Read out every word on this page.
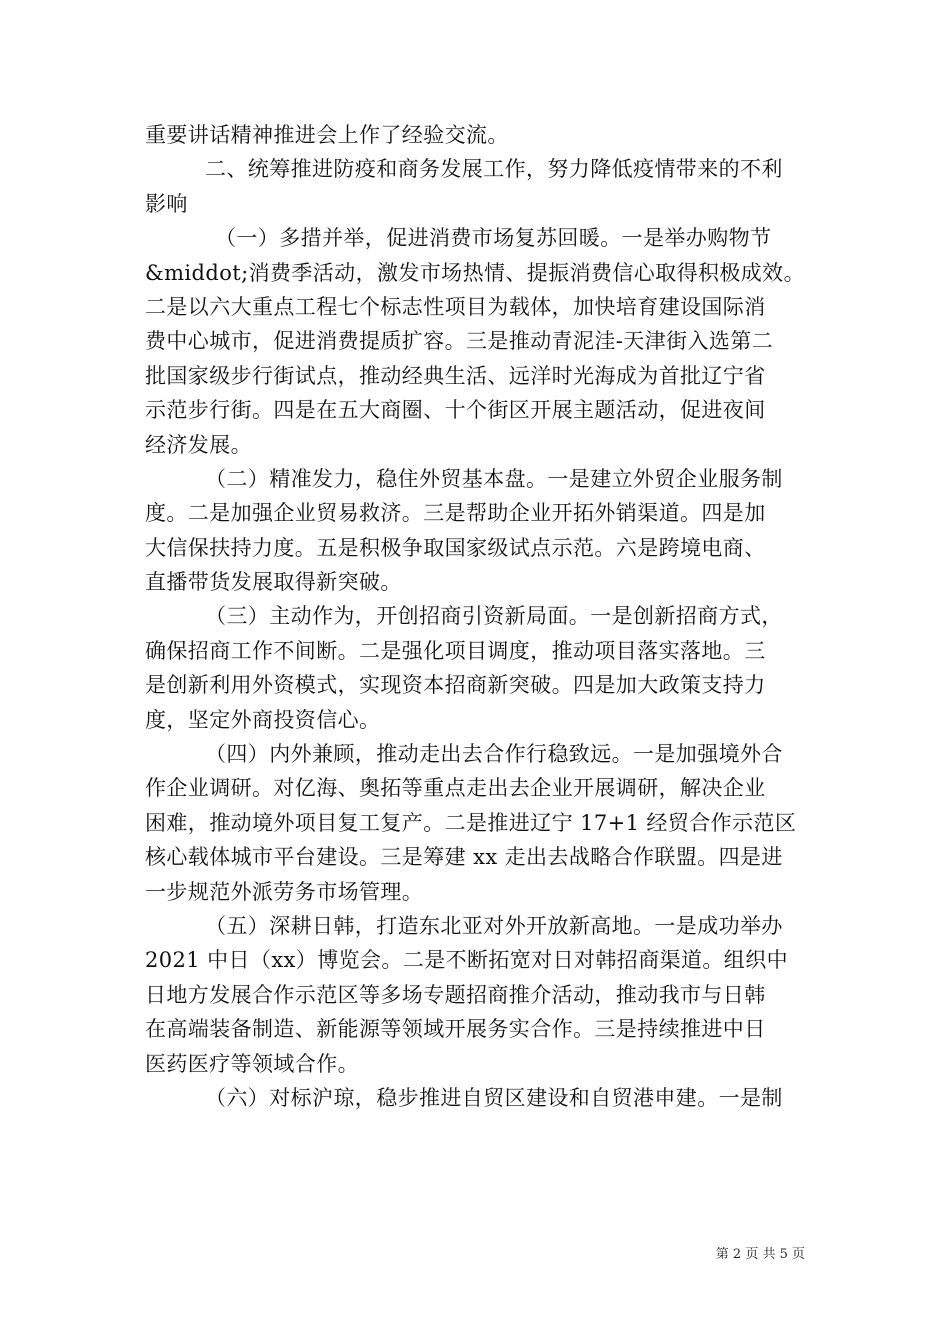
重要讲话精神推进会上作了经验交流。
二、统筹推进防疫和商务发展工作，努力降低疫情带来的不利
影响
（一）多措并举，促进消费市场复苏回暖。一是举办购物节
&middot;消费季活动，激发市场热情、提振消费信心取得积极成效。
二是以六大重点工程七个标志性项目为载体，加快培育建设国际消
费中心城市，促进消费提质扩容。三是推动青泥洼-天津街入选第二
批国家级步行街试点，推动经典生活、远洋时光海成为首批辽宁省
示范步行街。四是在五大商圈、十个街区开展主题活动，促进夜间
经济发展。
（二）精准发力，稳住外贸基本盘。一是建立外贸企业服务制
度。二是加强企业贸易救济。三是帮助企业开拓外销渠道。四是加
大信保扶持力度。五是积极争取国家级试点示范。六是跨境电商、
直播带货发展取得新突破。
（三）主动作为，开创招商引资新局面。一是创新招商方式，
确保招商工作不间断。二是强化项目调度，推动项目落实落地。三
是创新利用外资模式，实现资本招商新突破。四是加大政策支持力
度，坚定外商投资信心。
（四）内外兼顾，推动走出去合作行稳致远。一是加强境外合
作企业调研。对亿海、奥拓等重点走出去企业开展调研，解决企业
困难，推动境外项目复工复产。二是推进辽宁 17+1 经贸合作示范区
核心载体城市平台建设。三是筹建 xx 走出去战略合作联盟。四是进
一步规范外派劳务市场管理。
（五）深耕日韩，打造东北亚对外开放新高地。一是成功举办
2021 中日（xx）博览会。二是不断拓宽对日对韩招商渠道。组织中
日地方发展合作示范区等多场专题招商推介活动，推动我市与日韩
在高端装备制造、新能源等领域开展务实合作。三是持续推进中日
医药医疗等领域合作。
（六）对标沪琼，稳步推进自贸区建设和自贸港申建。一是制
第 2 页 共 5 页
